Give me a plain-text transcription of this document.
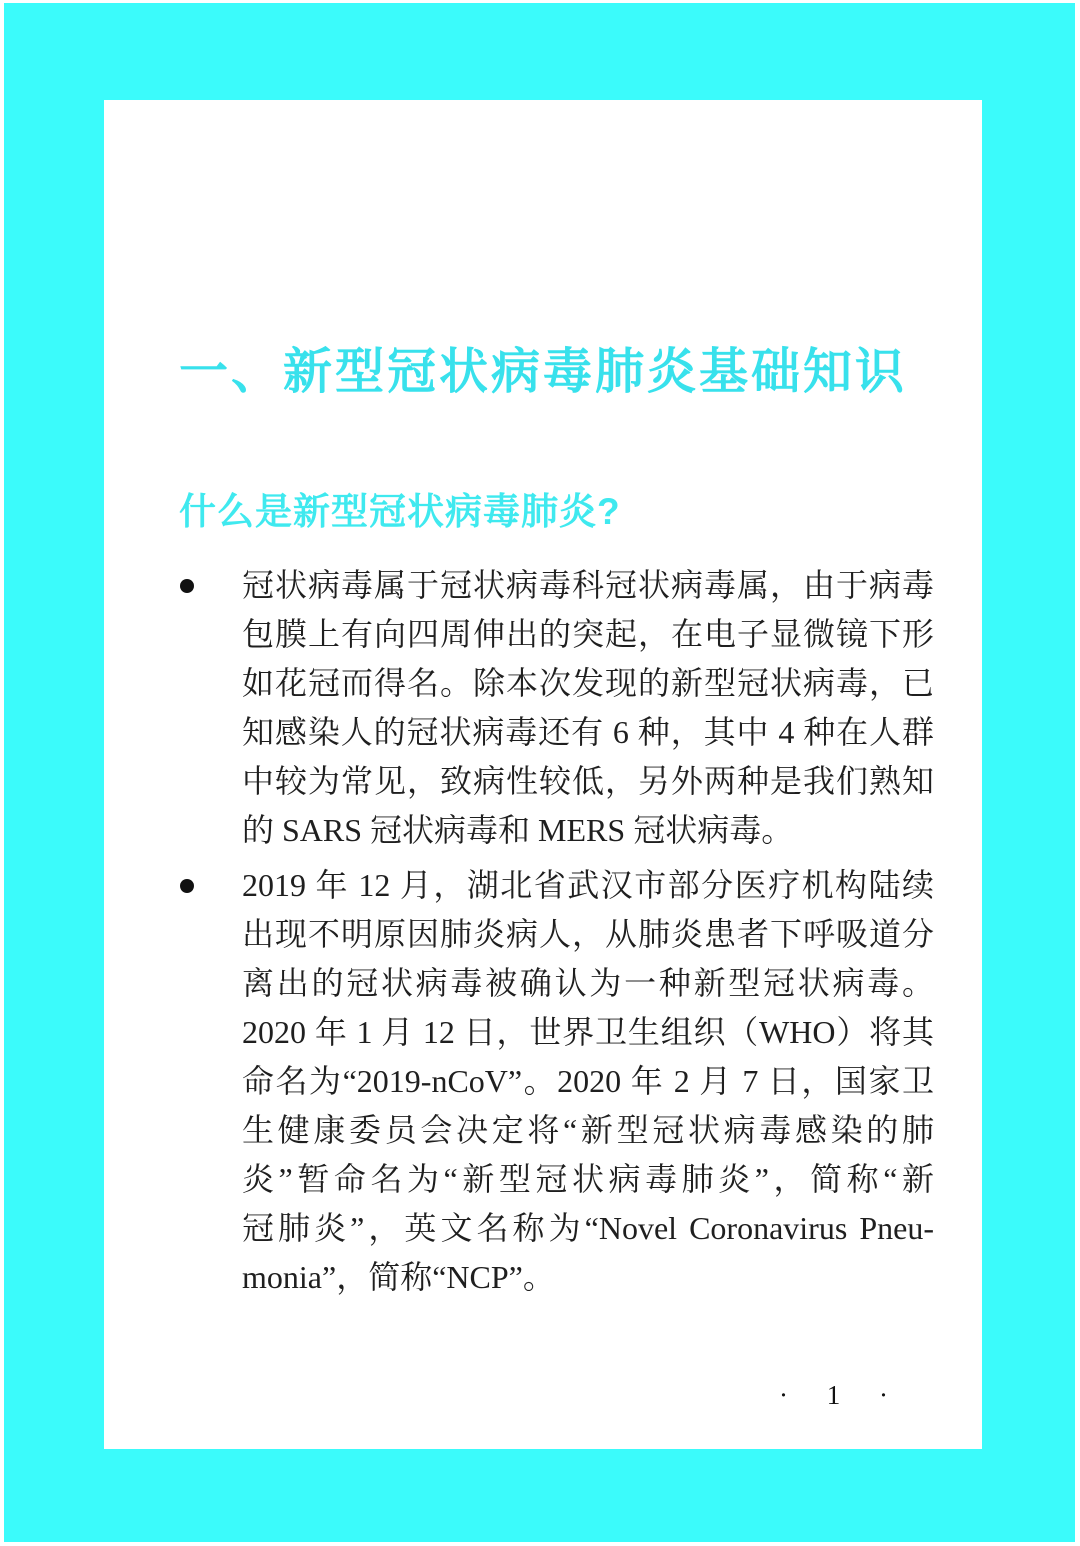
一、新型冠状病毒肺炎基础知识
什么是新型冠状病毒肺炎?
冠状病毒属于冠状病毒科冠状病毒属，由于病毒
包膜上有向四周伸出的突起，在电子显微镜下形
如花冠而得名。除本次发现的新型冠状病毒，已
知感染人的冠状病毒还有 6 种，其中 4 种在人群
中较为常见，致病性较低，另外两种是我们熟知
的 SARS 冠状病毒和 MERS 冠状病毒。
2019 年 12 月，湖北省武汉市部分医疗机构陆续
出现不明原因肺炎病人，从肺炎患者下呼吸道分
离出的冠状病毒被确认为一种新型冠状病毒。
2020 年 1 月 12 日，世界卫生组织（WHO）将其
命名为“2019-nCoV”。2020 年 2 月 7 日，国家卫
生健康委员会决定将“新型冠状病毒感染的肺
炎”暂命名为“新型冠状病毒肺炎”，简称“新
冠肺炎”，英文名称为“Novel Coronavirus Pneu-
monia”，简称“NCP”。
· 1 ·
